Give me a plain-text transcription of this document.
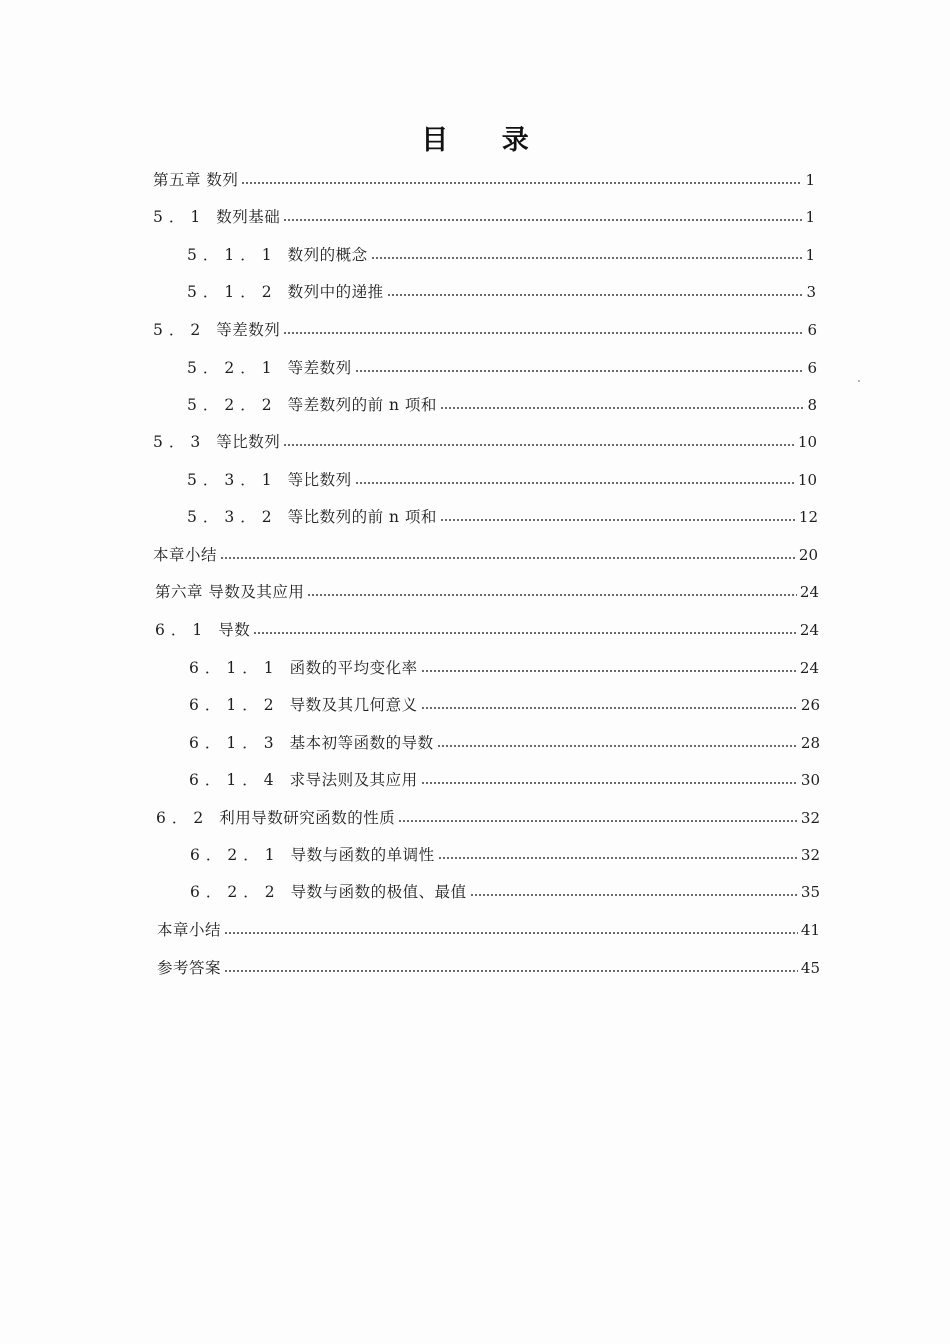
目 录
第五章 数列	1
5．1 数列基础	1
5．1．1 数列的概念	1
5．1．2 数列中的递推	3
5．2 等差数列	6
5．2．1 等差数列	6
5．2．2 等差数列的前 n 项和	8
5．3 等比数列	10
5．3．1 等比数列	10
5．3．2 等比数列的前 n 项和	12
本章小结	20
第六章 导数及其应用	24
6．1 导数	24
6．1．1 函数的平均变化率	24
6．1．2 导数及其几何意义	26
6．1．3 基本初等函数的导数	28
6．1．4 求导法则及其应用	30
6．2 利用导数研究函数的性质	32
6．2．1 导数与函数的单调性	32
6．2．2 导数与函数的极值、最值	35
本章小结	41
参考答案	45
